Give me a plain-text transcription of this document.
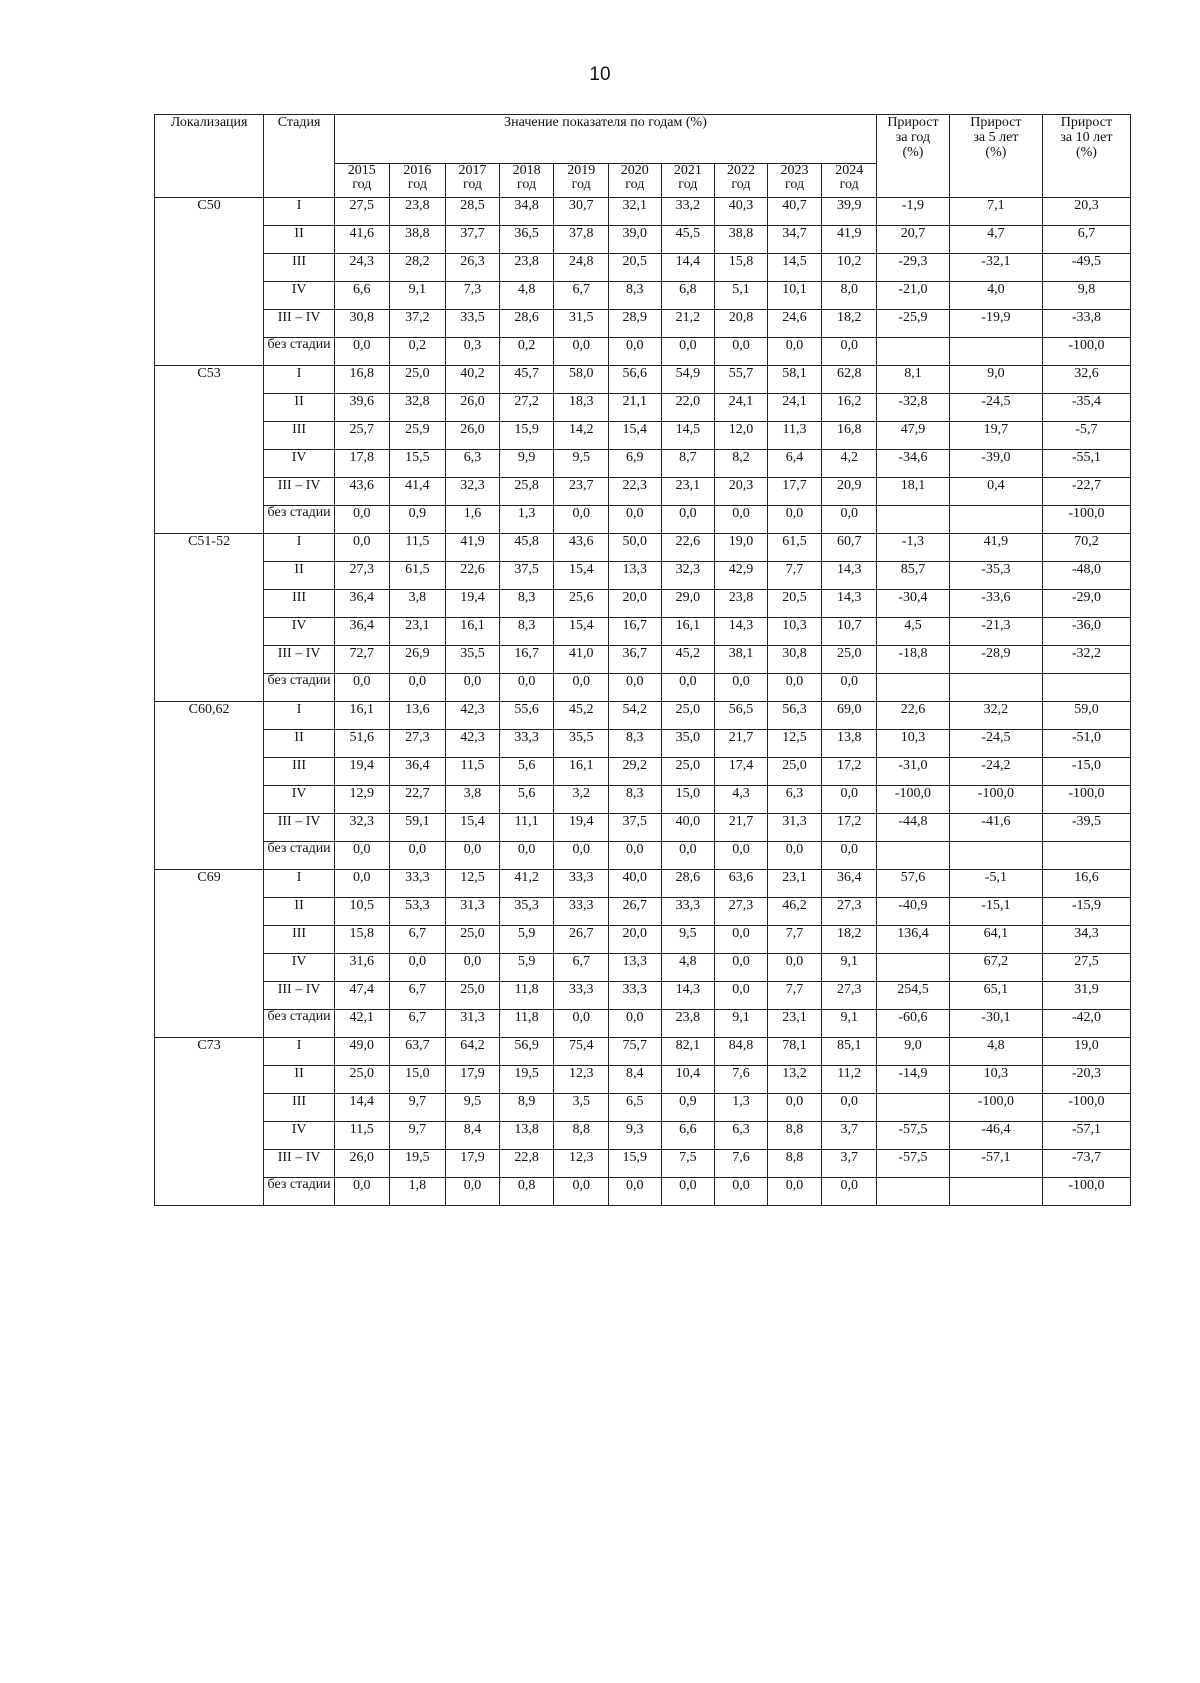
10
Локализация	Стадия	Значение показателя по годам (%)										Прирост
за год
(%)	Прирост
за 5 лет
(%)	Прирост
за 10 лет
(%)
		2015
год	2016
год	2017
год	2018
год	2019
год	2020
год	2021
год	2022
год	2023
год	2024
год			
С50	I	27,5	23,8	28,5	34,8	30,7	32,1	33,2	40,3	40,7	39,9	-1,9	7,1	20,3
	II	41,6	38,8	37,7	36,5	37,8	39,0	45,5	38,8	34,7	41,9	20,7	4,7	6,7
	III	24,3	28,2	26,3	23,8	24,8	20,5	14,4	15,8	14,5	10,2	-29,3	-32,1	-49,5
	IV	6,6	9,1	7,3	4,8	6,7	8,3	6,8	5,1	10,1	8,0	-21,0	4,0	9,8
	III – IV	30,8	37,2	33,5	28,6	31,5	28,9	21,2	20,8	24,6	18,2	-25,9	-19,9	-33,8
	без стадии	0,0	0,2	0,3	0,2	0,0	0,0	0,0	0,0	0,0	0,0			-100,0
С53	I	16,8	25,0	40,2	45,7	58,0	56,6	54,9	55,7	58,1	62,8	8,1	9,0	32,6
	II	39,6	32,8	26,0	27,2	18,3	21,1	22,0	24,1	24,1	16,2	-32,8	-24,5	-35,4
	III	25,7	25,9	26,0	15,9	14,2	15,4	14,5	12,0	11,3	16,8	47,9	19,7	-5,7
	IV	17,8	15,5	6,3	9,9	9,5	6,9	8,7	8,2	6,4	4,2	-34,6	-39,0	-55,1
	III – IV	43,6	41,4	32,3	25,8	23,7	22,3	23,1	20,3	17,7	20,9	18,1	0,4	-22,7
	без стадии	0,0	0,9	1,6	1,3	0,0	0,0	0,0	0,0	0,0	0,0			-100,0
С51-52	I	0,0	11,5	41,9	45,8	43,6	50,0	22,6	19,0	61,5	60,7	-1,3	41,9	70,2
	II	27,3	61,5	22,6	37,5	15,4	13,3	32,3	42,9	7,7	14,3	85,7	-35,3	-48,0
	III	36,4	3,8	19,4	8,3	25,6	20,0	29,0	23,8	20,5	14,3	-30,4	-33,6	-29,0
	IV	36,4	23,1	16,1	8,3	15,4	16,7	16,1	14,3	10,3	10,7	4,5	-21,3	-36,0
	III – IV	72,7	26,9	35,5	16,7	41,0	36,7	45,2	38,1	30,8	25,0	-18,8	-28,9	-32,2
	без стадии	0,0	0,0	0,0	0,0	0,0	0,0	0,0	0,0	0,0	0,0			
С60,62	I	16,1	13,6	42,3	55,6	45,2	54,2	25,0	56,5	56,3	69,0	22,6	32,2	59,0
	II	51,6	27,3	42,3	33,3	35,5	8,3	35,0	21,7	12,5	13,8	10,3	-24,5	-51,0
	III	19,4	36,4	11,5	5,6	16,1	29,2	25,0	17,4	25,0	17,2	-31,0	-24,2	-15,0
	IV	12,9	22,7	3,8	5,6	3,2	8,3	15,0	4,3	6,3	0,0	-100,0	-100,0	-100,0
	III – IV	32,3	59,1	15,4	11,1	19,4	37,5	40,0	21,7	31,3	17,2	-44,8	-41,6	-39,5
	без стадии	0,0	0,0	0,0	0,0	0,0	0,0	0,0	0,0	0,0	0,0			
С69	I	0,0	33,3	12,5	41,2	33,3	40,0	28,6	63,6	23,1	36,4	57,6	-5,1	16,6
	II	10,5	53,3	31,3	35,3	33,3	26,7	33,3	27,3	46,2	27,3	-40,9	-15,1	-15,9
	III	15,8	6,7	25,0	5,9	26,7	20,0	9,5	0,0	7,7	18,2	136,4	64,1	34,3
	IV	31,6	0,0	0,0	5,9	6,7	13,3	4,8	0,0	0,0	9,1		67,2	27,5
	III – IV	47,4	6,7	25,0	11,8	33,3	33,3	14,3	0,0	7,7	27,3	254,5	65,1	31,9
	без стадии	42,1	6,7	31,3	11,8	0,0	0,0	23,8	9,1	23,1	9,1	-60,6	-30,1	-42,0
С73	I	49,0	63,7	64,2	56,9	75,4	75,7	82,1	84,8	78,1	85,1	9,0	4,8	19,0
	II	25,0	15,0	17,9	19,5	12,3	8,4	10,4	7,6	13,2	11,2	-14,9	10,3	-20,3
	III	14,4	9,7	9,5	8,9	3,5	6,5	0,9	1,3	0,0	0,0		-100,0	-100,0
	IV	11,5	9,7	8,4	13,8	8,8	9,3	6,6	6,3	8,8	3,7	-57,5	-46,4	-57,1
	III – IV	26,0	19,5	17,9	22,8	12,3	15,9	7,5	7,6	8,8	3,7	-57,5	-57,1	-73,7
	без стадии	0,0	1,8	0,0	0,8	0,0	0,0	0,0	0,0	0,0	0,0			-100,0
